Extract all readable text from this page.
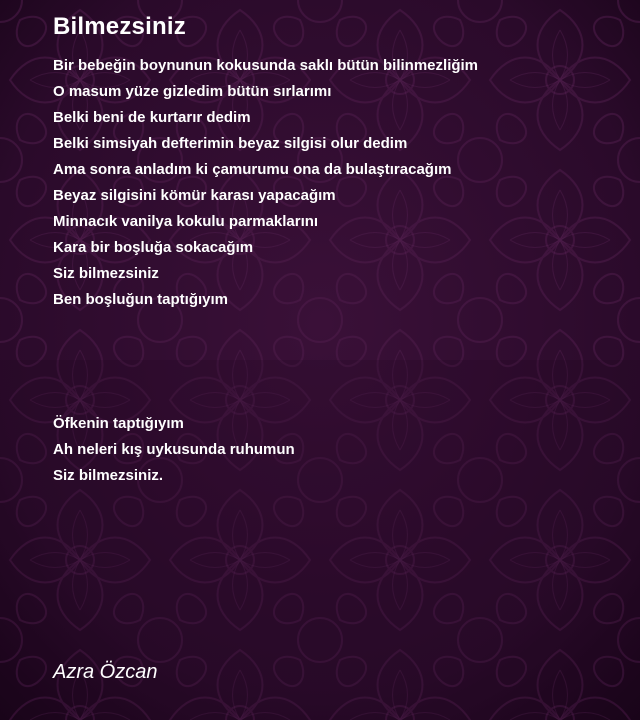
Bilmezsiniz
Bir bebeğin boynunun kokusunda saklı bütün bilinmezliğim
O masum yüze gizledim bütün sırlarımı
Belki beni de kurtarır dedim
Belki simsiyah defterimin beyaz silgisi olur dedim
Ama sonra anladım ki çamurumu ona da bulaştıracağım
Beyaz silgisini kömür karası yapacağım
Minnacık vanilya kokulu parmaklarını
Kara bir boşluğa sokacağım
Siz bilmezsiniz
Ben boşluğun taptığıyım
Öfkenin taptığıyım
Ah neleri kış uykusunda ruhumun
Siz bilmezsiniz.

Azra Özcan
